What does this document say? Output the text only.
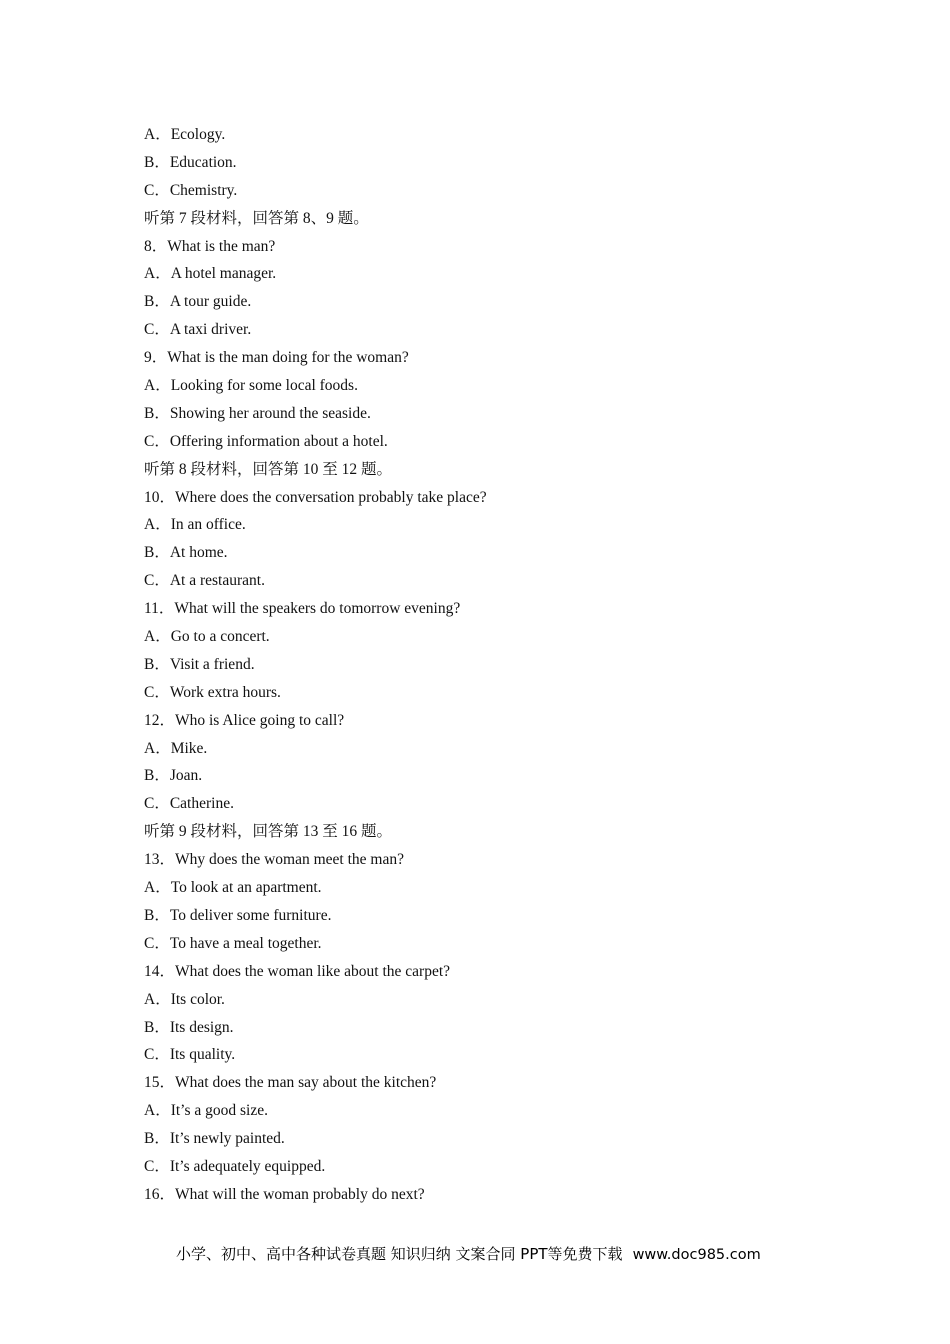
A．Ecology.
B．Education.
C．Chemistry.
听第 7 段材料，回答第 8、9 题。
8．What is the man?
A．A hotel manager.
B．A tour guide.
C．A taxi driver.
9．What is the man doing for the woman?
A．Looking for some local foods.
B．Showing her around the seaside.
C．Offering information about a hotel.
听第 8 段材料，回答第 10 至 12 题。
10．Where does the conversation probably take place?
A．In an office.
B．At home.
C．At a restaurant.
11．What will the speakers do tomorrow evening?
A．Go to a concert.
B．Visit a friend.
C．Work extra hours.
12．Who is Alice going to call?
A．Mike.
B．Joan.
C．Catherine.
听第 9 段材料，回答第 13 至 16 题。
13．Why does the woman meet the man?
A．To look at an apartment.
B．To deliver some furniture.
C．To have a meal together.
14．What does the woman like about the carpet?
A．Its color.
B．Its design.
C．Its quality.
15．What does the man say about the kitchen?
A．It’s a good size.
B．It’s newly painted.
C．It’s adequately equipped.
16．What will the woman probably do next?
小学、初中、高中各种试卷真题 知识归纳 文案合同 PPT等免费下载 www.doc985.com
